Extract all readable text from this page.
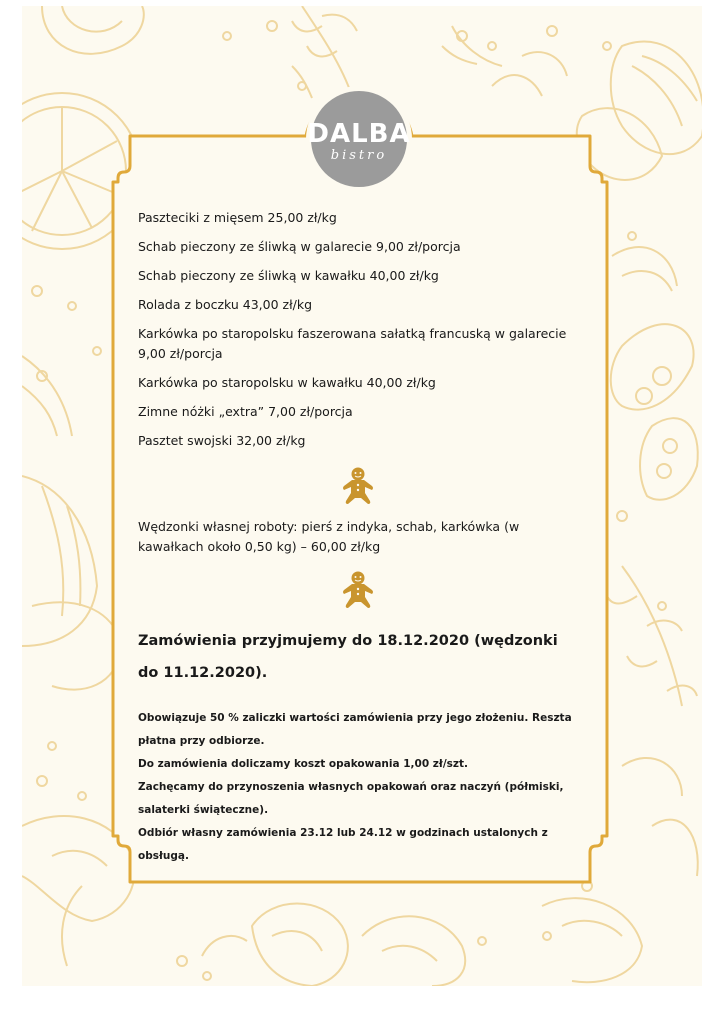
DALBA
bistro

Paszteciki z mięsem 25,00 zł/kg

Schab pieczony ze śliwką w galarecie 9,00 zł/porcja

Schab pieczony ze śliwką w kawałku 40,00 zł/kg

Rolada z boczku 43,00 zł/kg

Karkówka po staropolsku faszerowana sałatką francuską w galarecie 9,00 zł/porcja

Karkówka po staropolsku w kawałku 40,00 zł/kg

Zimne nóżki „extra” 7,00 zł/porcja

Pasztet swojski 32,00 zł/kg

Wędzonki własnej roboty: pierś z indyka, schab, karkówka (w kawałkach około 0,50 kg) – 60,00 zł/kg

Zamówienia przyjmujemy do 18.12.2020 (wędzonki do 11.12.2020).

Obowiązuje 50 % zaliczki wartości zamówienia przy jego złożeniu. Reszta płatna przy odbiorze.

Do zamówienia doliczamy koszt opakowania 1,00 zł/szt.

Zachęcamy do przynoszenia własnych opakowań oraz naczyń (półmiski, salaterki świąteczne).

Odbiór własny zamówienia 23.12 lub 24.12 w godzinach ustalonych z obsługą.
